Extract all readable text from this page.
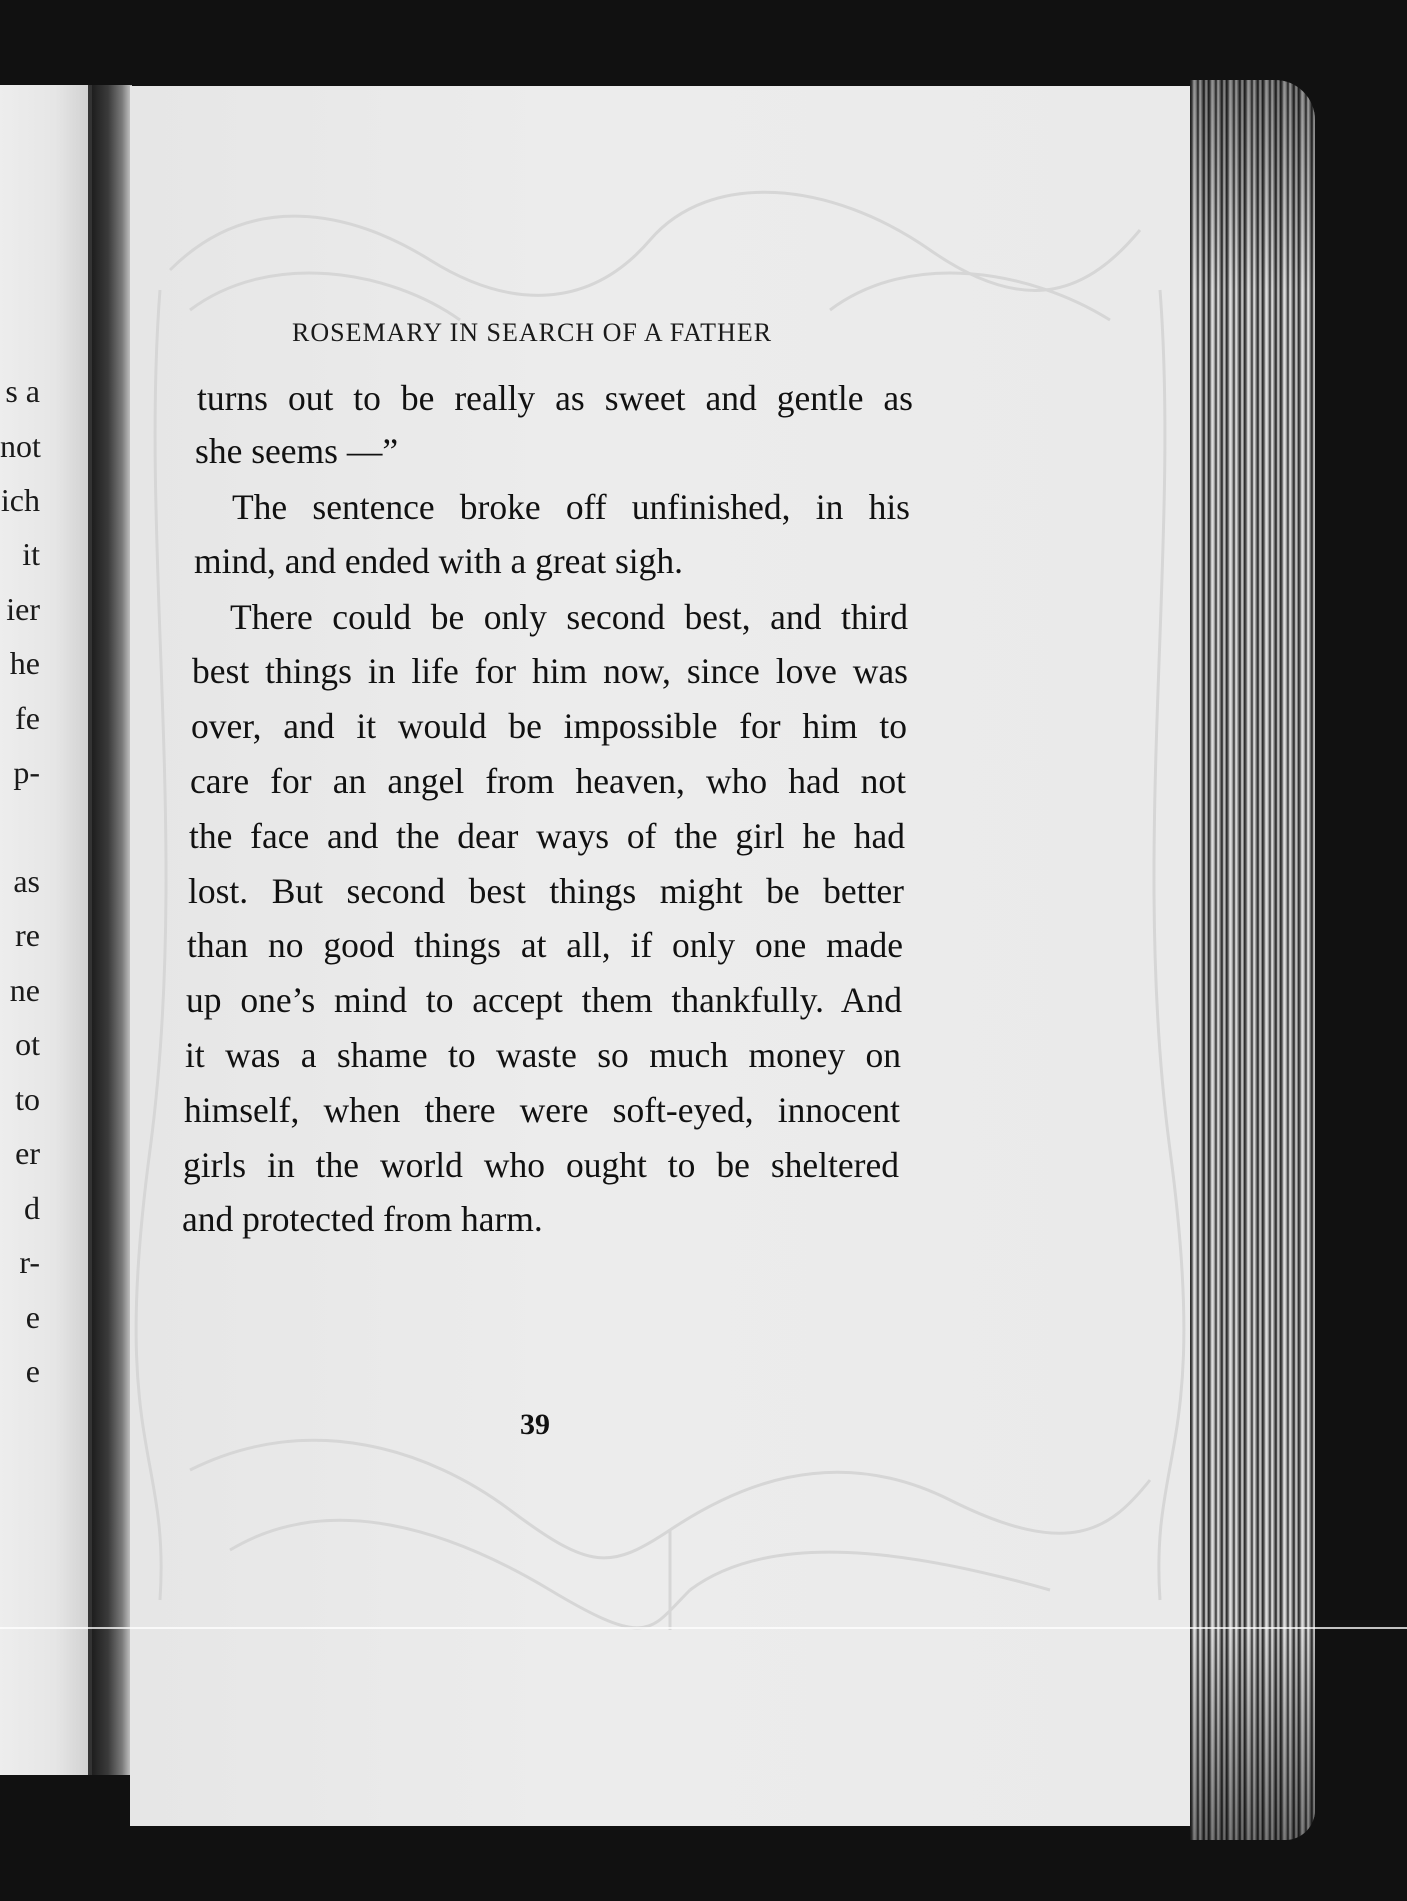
s a
not
ich
it
ier
he
fe
p-
as
re
ne
ot
to
er
d
r-
e
e
ROSEMARY IN SEARCH OF A FATHER
turns out to be really as sweet and gentle as
she seems —”
The sentence broke off unfinished, in his
mind, and ended with a great sigh.
There could be only second best, and third
best things in life for him now, since love was
over, and it would be impossible for him to
care for an angel from heaven, who had not
the face and the dear ways of the girl he had
lost. But second best things might be better
than no good things at all, if only one made
up one’s mind to accept them thankfully. And
it was a shame to waste so much money on
himself, when there were soft-eyed, innocent
girls in the world who ought to be sheltered
and protected from harm.
39
